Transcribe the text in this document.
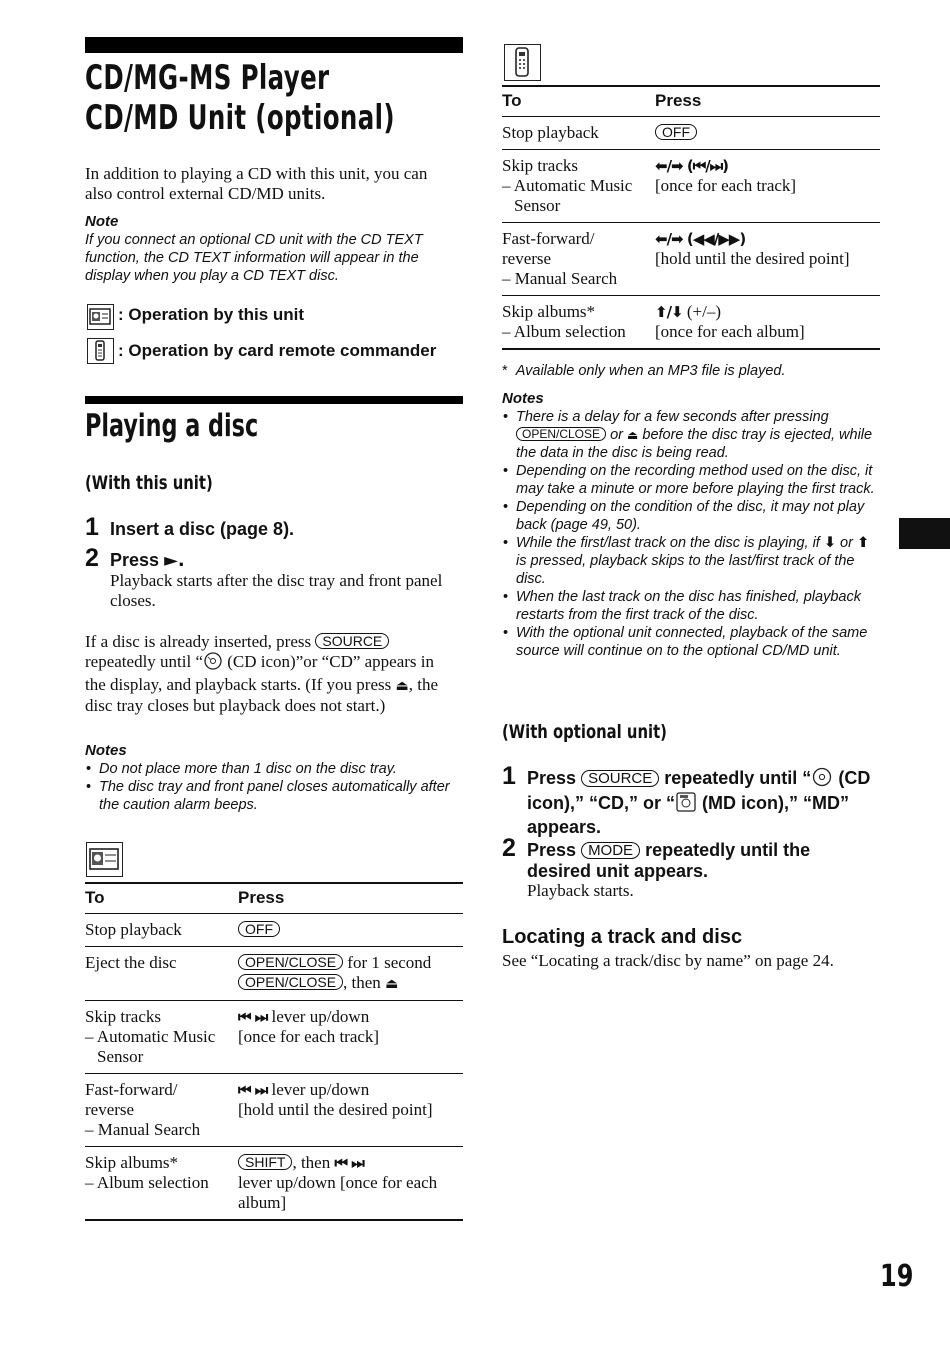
CD/MG-MS Player
CD/MD Unit (optional)
In addition to playing a CD with this unit, you can also control external CD/MD units.
Note
If you connect an optional CD unit with the CD TEXT function, the CD TEXT information will appear in the display when you play a CD TEXT disc.
: Operation by this unit
: Operation by card remote commander
Playing a disc
(With this unit)
1 Insert a disc (page 8).
2 Press ►.
Playback starts after the disc tray and front panel closes.
If a disc is already inserted, press SOURCE repeatedly until “ (CD icon)”or “CD” appears in the display, and playback starts. (If you press ⏏, the disc tray closes but playback does not start.)
Notes
• Do not place more than 1 disc on the disc tray.
• The disc tray and front panel closes automatically after the caution alarm beeps.
To	Press
Stop playback	OFF
Eject the disc	OPEN/CLOSE for 1 second
OPEN/CLOSE , then ⏏
Skip tracks
– Automatic Music Sensor	⏮ ⏭ lever up/down
[once for each track]
Fast-forward/ reverse
– Manual Search	⏮ ⏭ lever up/down
[hold until the desired point]
Skip albums*
– Album selection	SHIFT , then ⏮ ⏭
lever up/down [once for each album]
To	Press
Stop playback	OFF
Skip tracks
– Automatic Music Sensor	⬅/➡ (⏮/⏭)
[once for each track]
Fast-forward/ reverse
– Manual Search	⬅/➡ (◀◀/▶▶)
[hold until the desired point]
Skip albums*
– Album selection	⬆/⬇ (+/–)
[once for each album]
* Available only when an MP3 file is played.
Notes
• There is a delay for a few seconds after pressing OPEN/CLOSE or ⏏ before the disc tray is ejected, while the data in the disc is being read.
• Depending on the recording method used on the disc, it may take a minute or more before playing the first track.
• Depending on the condition of the disc, it may not play back (page 49, 50).
• While the first/last track on the disc is playing, if ⬇ or ⬆ is pressed, playback skips to the last/first track of the disc.
• When the last track on the disc has finished, playback restarts from the first track of the disc.
• With the optional unit connected, playback of the same source will continue on to the optional CD/MD unit.
(With optional unit)
1 Press SOURCE repeatedly until “ (CD icon),” “CD,” or “ (MD icon),” “MD” appears.
2 Press MODE repeatedly until the desired unit appears.
Playback starts.
Locating a track and disc
See “Locating a track/disc by name” on page 24.
19
